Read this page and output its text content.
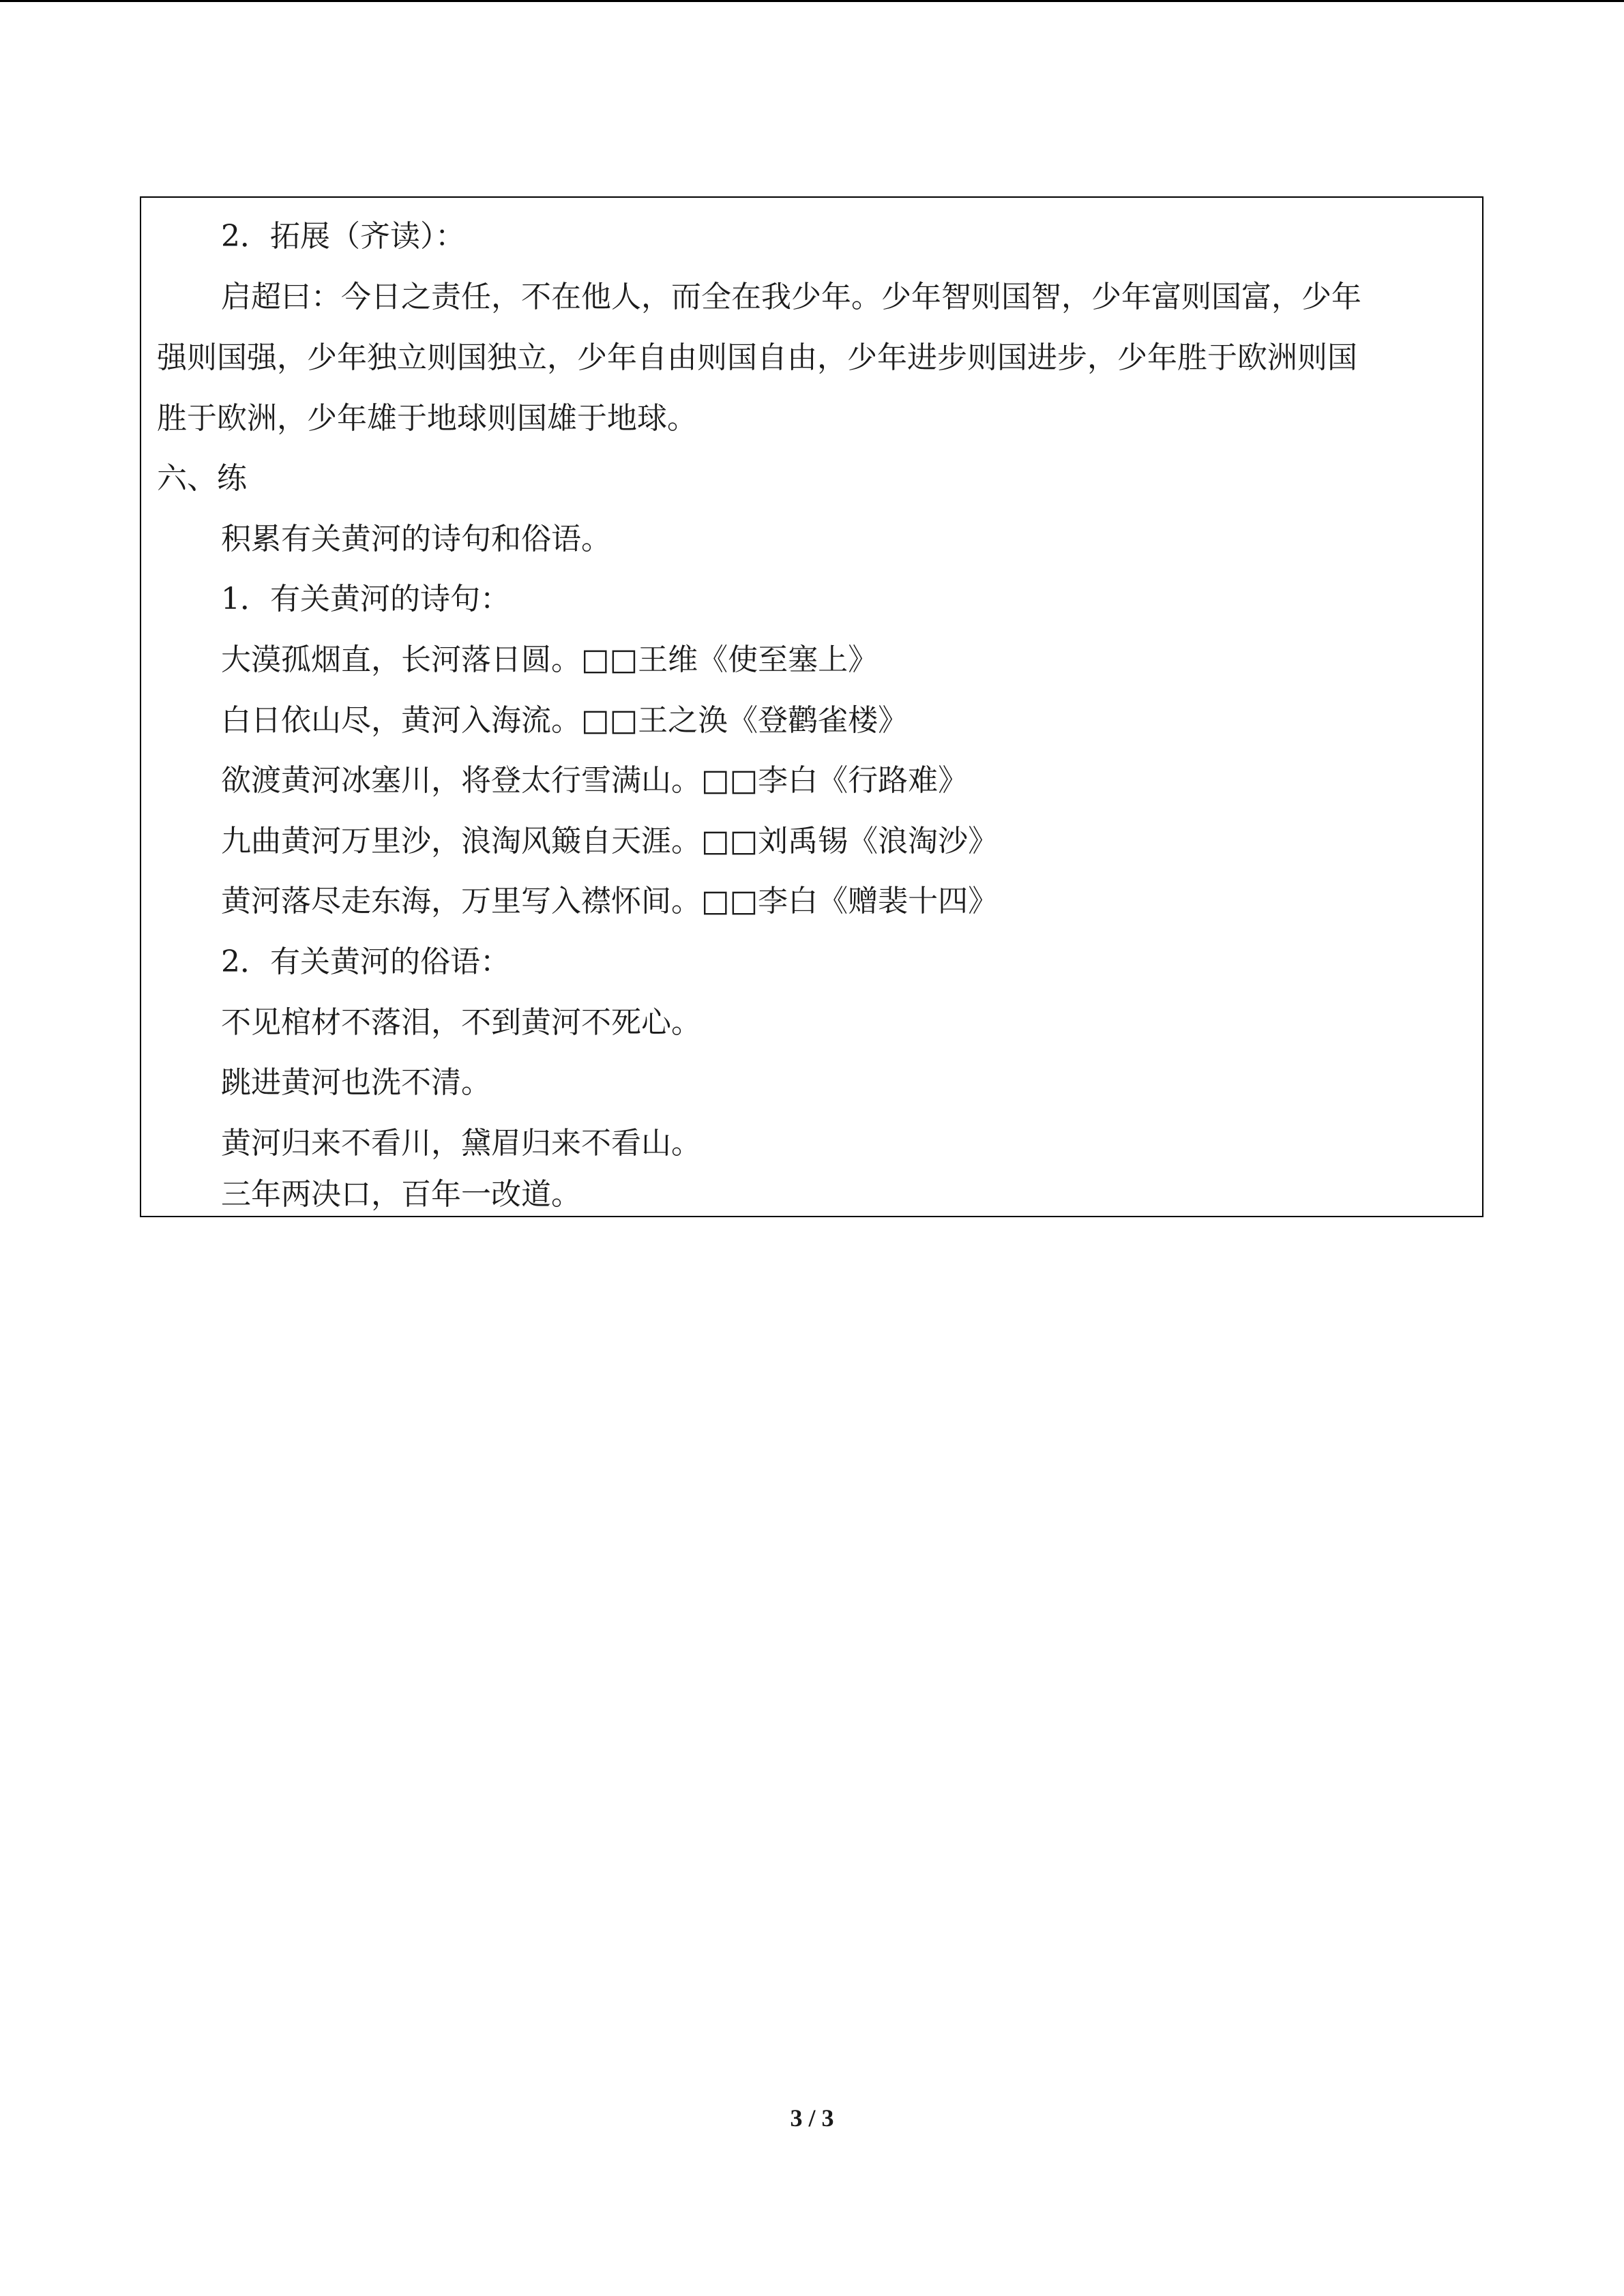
2．拓展（齐读）：
启超曰：今日之责任，不在他人，而全在我少年。少年智则国智，少年富则国富，少年
强则国强，少年独立则国独立，少年自由则国自由，少年进步则国进步，少年胜于欧洲则国
胜于欧洲，少年雄于地球则国雄于地球。
六、练
积累有关黄河的诗句和俗语。
1．有关黄河的诗句：
大漠孤烟直，长河落日圆。□□王维《使至塞上》
白日依山尽，黄河入海流。□□王之涣《登鹳雀楼》
欲渡黄河冰塞川，将登太行雪满山。□□李白《行路难》
九曲黄河万里沙，浪淘风簸自天涯。□□刘禹锡《浪淘沙》
黄河落尽走东海，万里写入襟怀间。□□李白《赠裴十四》
2．有关黄河的俗语：
不见棺材不落泪，不到黄河不死心。
跳进黄河也洗不清。
黄河归来不看川，黛眉归来不看山。
三年两决口，百年一改道。
3 / 3
